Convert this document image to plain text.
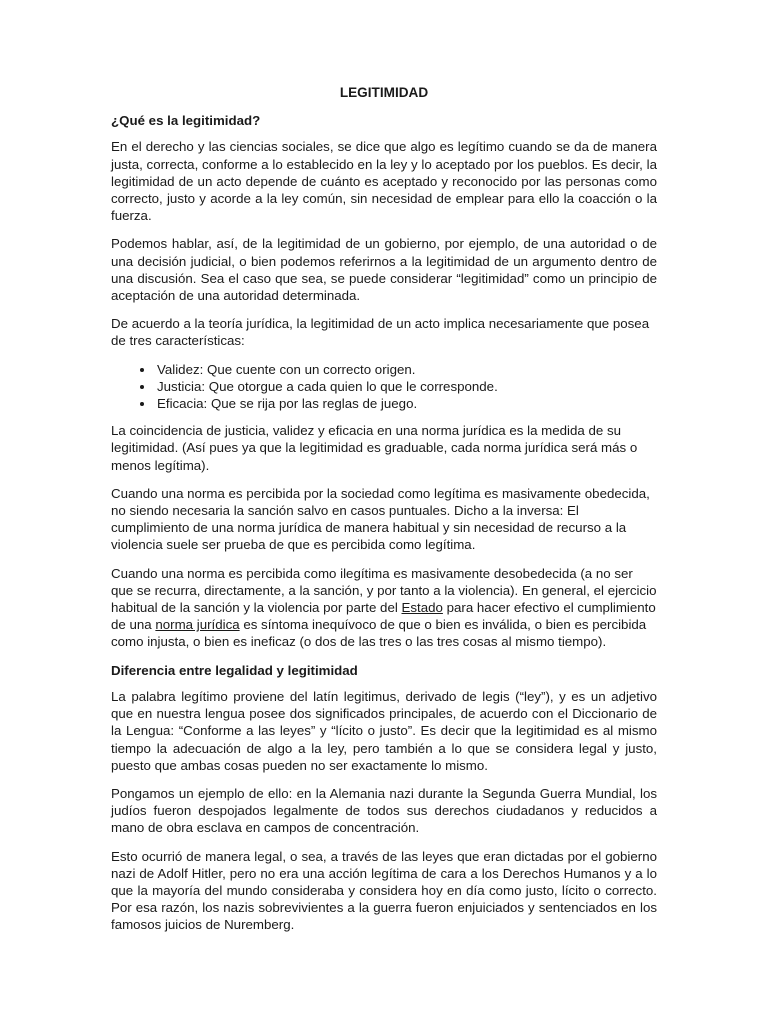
LEGITIMIDAD
¿Qué es la legitimidad?

En el derecho y las ciencias sociales, se dice que algo es legítimo cuando se da de manera justa, correcta, conforme a lo establecido en la ley y lo aceptado por los pueblos. Es decir, la legitimidad de un acto depende de cuánto es aceptado y reconocido por las personas como correcto, justo y acorde a la ley común, sin necesidad de emplear para ello la coacción o la fuerza.

Podemos hablar, así, de la legitimidad de un gobierno, por ejemplo, de una autoridad o de una decisión judicial, o bien podemos referirnos a la legitimidad de un argumento dentro de una discusión. Sea el caso que sea, se puede considerar “legitimidad” como un principio de aceptación de una autoridad determinada.

De acuerdo a la teoría jurídica, la legitimidad de un acto implica necesariamente que posea de tres características:

• Validez: Que cuente con un correcto origen.
• Justicia: Que otorgue a cada quien lo que le corresponde.
• Eficacia: Que se rija por las reglas de juego.

La coincidencia de justicia, validez y eficacia en una norma jurídica es la medida de su legitimidad. (Así pues ya que la legitimidad es graduable, cada norma jurídica será más o menos legítima).

Cuando una norma es percibida por la sociedad como legítima es masivamente obedecida, no siendo necesaria la sanción salvo en casos puntuales. Dicho a la inversa: El cumplimiento de una norma jurídica de manera habitual y sin necesidad de recurso a la violencia suele ser prueba de que es percibida como legítima.

Cuando una norma es percibida como ilegítima es masivamente desobedecida (a no ser que se recurra, directamente, a la sanción, y por tanto a la violencia). En general, el ejercicio habitual de la sanción y la violencia por parte del Estado para hacer efectivo el cumplimiento de una norma jurídica es síntoma inequívoco de que o bien es inválida, o bien es percibida como injusta, o bien es ineficaz (o dos de las tres o las tres cosas al mismo tiempo).

Diferencia entre legalidad y legitimidad

La palabra legítimo proviene del latín legitimus, derivado de legis (“ley”), y es un adjetivo que en nuestra lengua posee dos significados principales, de acuerdo con el Diccionario de la Lengua: “Conforme a las leyes” y “lícito o justo”. Es decir que la legitimidad es al mismo tiempo la adecuación de algo a la ley, pero también a lo que se considera legal y justo, puesto que ambas cosas pueden no ser exactamente lo mismo.

Pongamos un ejemplo de ello: en la Alemania nazi durante la Segunda Guerra Mundial, los judíos fueron despojados legalmente de todos sus derechos ciudadanos y reducidos a mano de obra esclava en campos de concentración.

Esto ocurrió de manera legal, o sea, a través de las leyes que eran dictadas por el gobierno nazi de Adolf Hitler, pero no era una acción legítima de cara a los Derechos Humanos y a lo que la mayoría del mundo consideraba y considera hoy en día como justo, lícito o correcto. Por esa razón, los nazis sobrevivientes a la guerra fueron enjuiciados y sentenciados en los famosos juicios de Nuremberg.
